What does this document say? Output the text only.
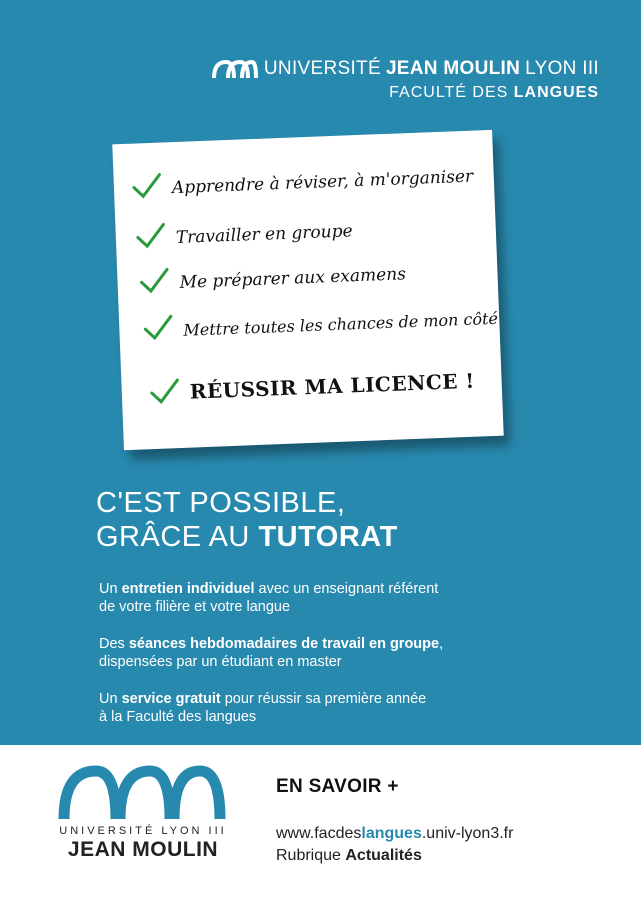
UNIVERSITÉ JEAN MOULIN LYON III
FACULTÉ DES LANGUES
Apprendre à réviser, à m'organiser
Travailler en groupe
Me préparer aux examens
Mettre toutes les chances de mon côté
RÉUSSIR MA LICENCE !
C'EST POSSIBLE,
GRÂCE AU TUTORAT
Un entretien individuel avec un enseignant référent
de votre filière et votre langue
Des séances hebdomadaires de travail en groupe,
dispensées par un étudiant en master
Un service gratuit pour réussir sa première année
à la Faculté des langues
UNIVERSITÉ LYON III
JEAN MOULIN
EN SAVOIR +
www.facdeslangues.univ-lyon3.fr
Rubrique Actualités
